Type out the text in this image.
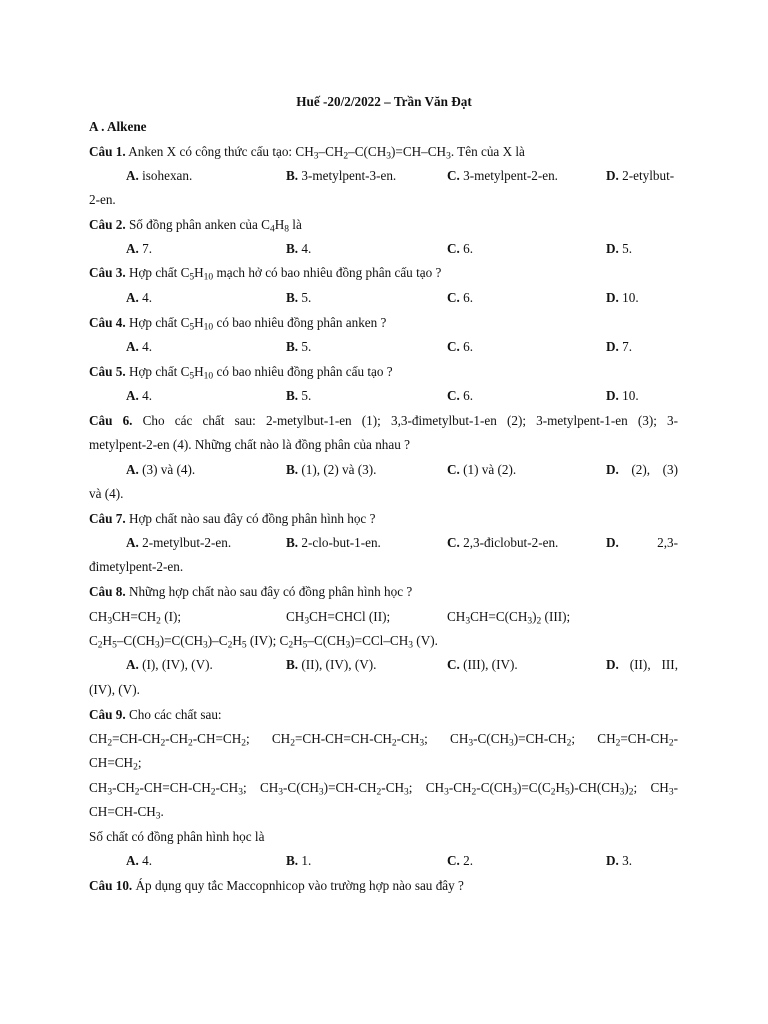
Huế -20/2/2022 – Trần Văn Đạt
A . Alkene
Câu 1. Anken X có công thức cấu tạo: $CH_3-CH_2-C(CH_3)=CH-CH_3$. Tên của X là
A. isohexan.	B. 3-metylpent-3-en.	C. 3-metylpent-2-en.	D. 2-etylbut-
2-en.
Câu 2. Số đồng phân anken của $C_4H_8$ là
A. 7.	B. 4.	C. 6.	D. 5.
Câu 3. Hợp chất $C_5H_{10}$ mạch hở có bao nhiêu đồng phân cấu tạo ?
A. 4.	B. 5.	C. 6.	D. 10.
Câu 4. Hợp chất $C_5H_{10}$ có bao nhiêu đồng phân anken ?
A. 4.	B. 5.	C. 6.	D. 7.
Câu 5. Hợp chất $C_5H_{10}$ có bao nhiêu đồng phân cấu tạo ?
A. 4.	B. 5.	C. 6.	D. 10.
Câu 6. Cho các chất sau: 2-metylbut-1-en (1); 3,3-đimetylbut-1-en (2); 3-metylpent-1-en (3); 3-
metylpent-2-en (4). Những chất nào là đồng phân của nhau ?
A. (3) và (4).	B. (1), (2) và (3).	C. (1) và (2).	D. (2), (3)
và (4).
Câu 7. Hợp chất nào sau đây có đồng phân hình học ?
A. 2-metylbut-2-en.	B. 2-clo-but-1-en.	C. 2,3-điclobut-2-en.	D.	2,3-
đimetylpent-2-en.
Câu 8. Những hợp chất nào sau đây có đồng phân hình học ?
$CH_3CH=CH_2$ (I);	$CH_3CH=CHCl$ (II);	$CH_3CH=C(CH_3)_2$ (III);
$C_2H_5-C(CH_3)=C(CH_3)-C_2H_5$ (IV); $C_2H_5-C(CH_3)=CCl-CH_3$ (V).
A. (I), (IV), (V).	B. (II), (IV), (V).	C. (III), (IV).	D. (II), III,
(IV), (V).
Câu 9. Cho các chất sau:
$CH_2=CH-CH_2-CH_2-CH=CH_2$; $CH_2=CH-CH=CH-CH_2-CH_3$; $CH_3-C(CH_3)=CH-CH_2$; $CH_2=CH-CH_2-$
$CH=CH_2$;
$CH_3-CH_2-CH=CH-CH_2-CH_3$; $CH_3-C(CH_3)=CH-CH_2-CH_3$; $CH_3-CH_2-C(CH_3)=C(C_2H_5)-CH(CH_3)_2$; $CH_3-$
$CH=CH-CH_3$.
Số chất có đồng phân hình học là
A. 4.	B. 1.	C. 2.	D. 3.
Câu 10. Áp dụng quy tắc Maccopnhicop vào trường hợp nào sau đây ?
